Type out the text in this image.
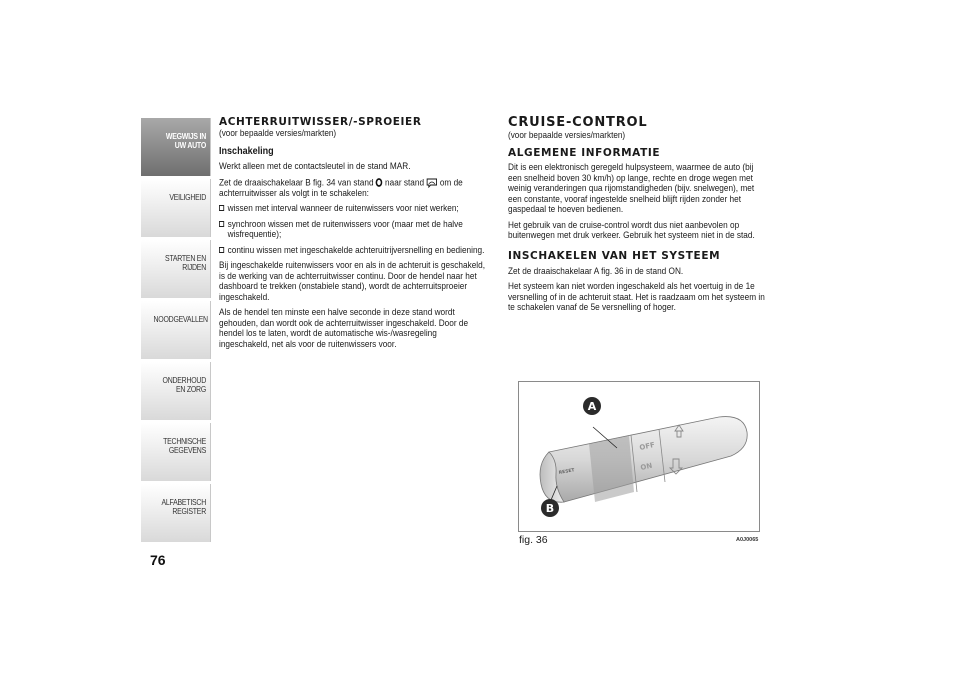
WEGWIJS IN UW AUTO
VEILIGHEID
STARTEN EN RIJDEN
NOODGEVALLEN
ONDERHOUD EN ZORG
TECHNISCHE GEGEVENS
ALFABETISCH REGISTER
76
ACHTERRUITWISSER/-SPROEIER
(voor bepaalde versies/markten)
Inschakeling

Werkt alleen met de contactsleutel in de stand MAR.

Zet de draaischakelaar B fig. 34 van stand naar stand om de achterruitwisser als volgt in te schakelen:

wissen met interval wanneer de ruitenwissers voor niet werken;

synchroon wissen met de ruitenwissers voor (maar met de halve wisfrequentie);

continu wissen met ingeschakelde achteruitrijversnelling en bediening.

Bij ingeschakelde ruitenwissers voor en als in de achteruit is geschakeld, is de werking van de achterruitwisser continu. Door de hendel naar het dashboard te trekken (onstabiele stand), wordt de achterruitsproeier ingeschakeld.

Als de hendel ten minste een halve seconde in deze stand wordt gehouden, dan wordt ook de achterruitwisser ingeschakeld. Door de hendel los te laten, wordt de automatische wis-/wasregeling ingeschakeld, net als voor de ruitenwissers voor.

CRUISE-CONTROL
(voor bepaalde versies/markten)
ALGEMENE INFORMATIE

Dit is een elektronisch geregeld hulpsysteem, waarmee de auto (bij een snelheid boven 30 km/h) op lange, rechte en droge wegen met weinig veranderingen qua rijomstandigheden (bijv. snelwegen), met een constante, vooraf ingestelde snelheid blijft rijden zonder het gaspedaal te hoeven bedienen.

Het gebruik van de cruise-control wordt dus niet aanbevolen op buitenwegen met druk verkeer. Gebruik het systeem niet in de stad.

INSCHAKELEN VAN HET SYSTEEM

Zet de draaischakelaar A fig. 36 in de stand ON.

Het systeem kan niet worden ingeschakeld als het voertuig in de 1e versnelling of in de achteruit staat. Het is raadzaam om het systeem in te schakelen vanaf de 5e versnelling of hoger.

OFF
ON
RESET
A
B
fig. 36	A0J0065
